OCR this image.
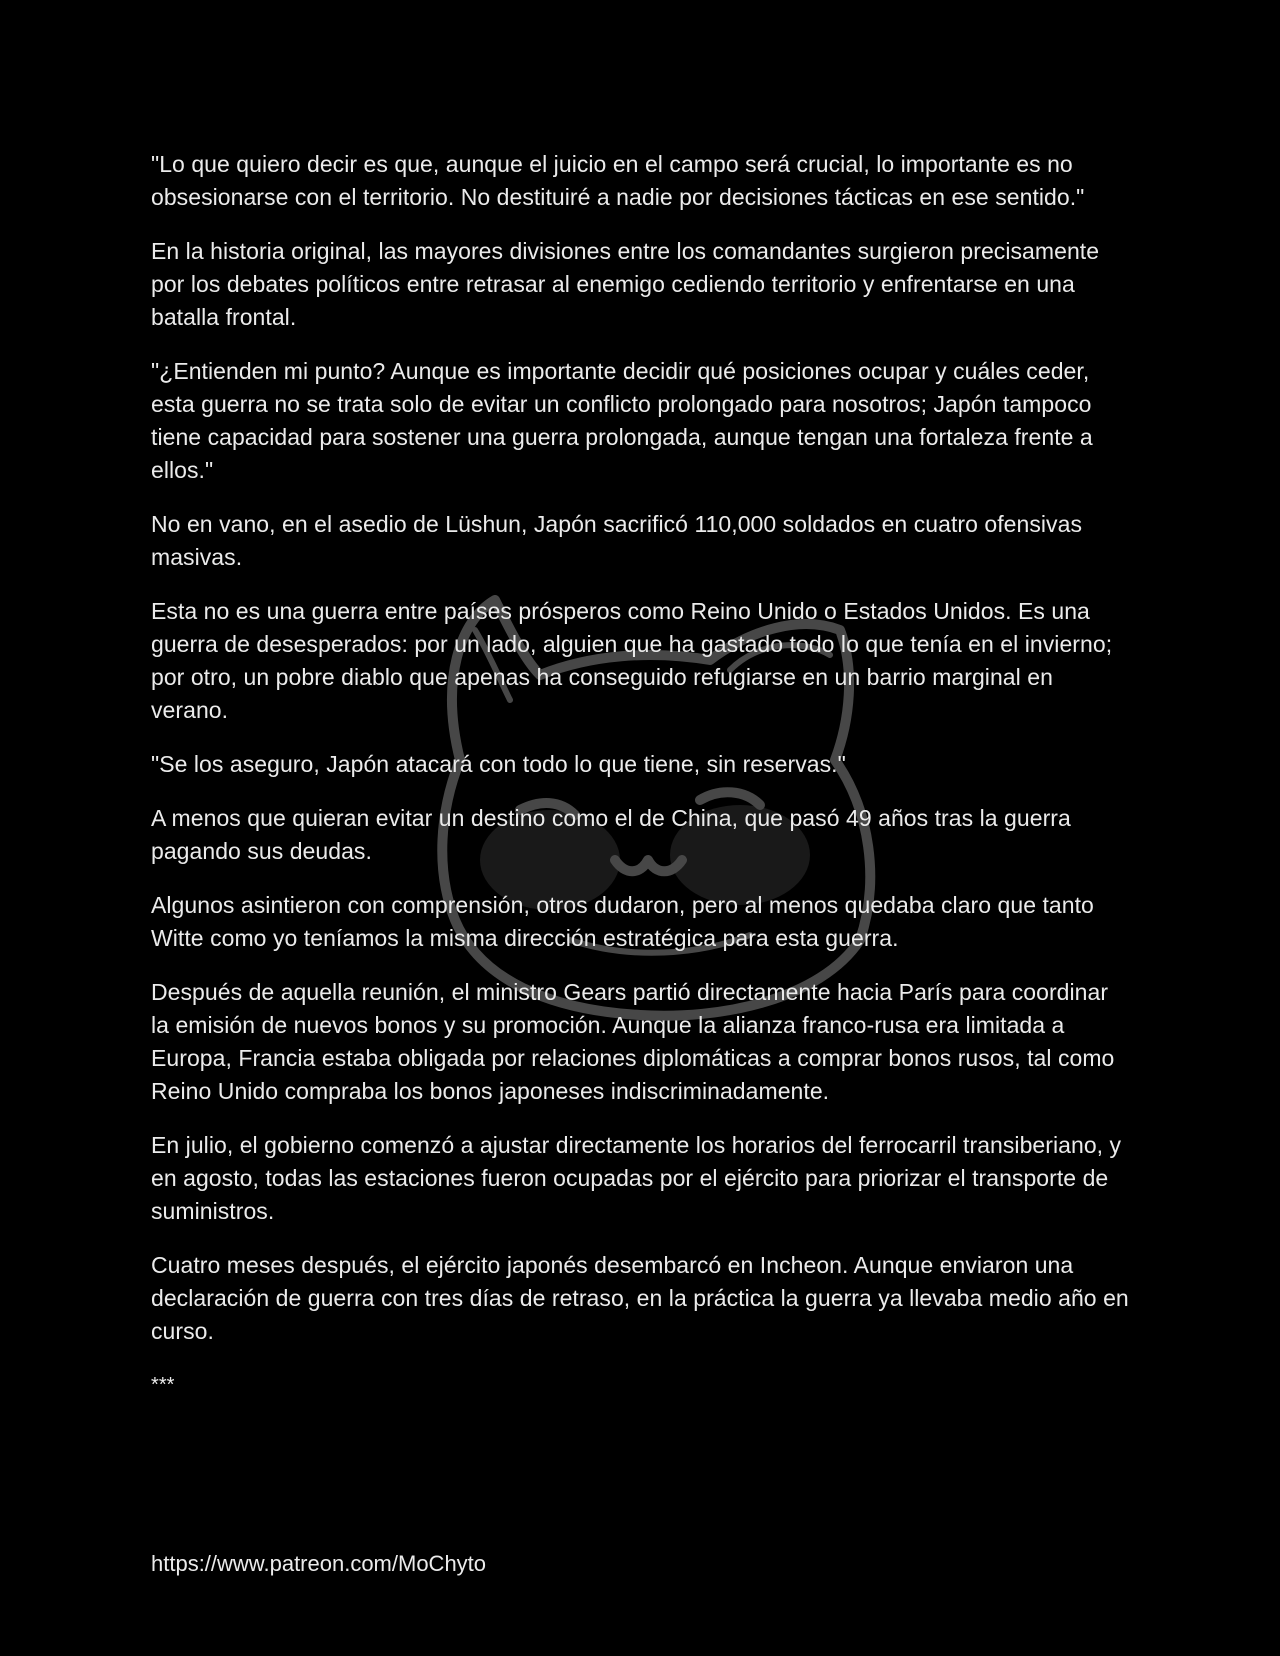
"Lo que quiero decir es que, aunque el juicio en el campo será crucial, lo importante es no obsesionarse con el territorio. No destituiré a nadie por decisiones tácticas en ese sentido."

En la historia original, las mayores divisiones entre los comandantes surgieron precisamente por los debates políticos entre retrasar al enemigo cediendo territorio y enfrentarse en una batalla frontal.

"¿Entienden mi punto? Aunque es importante decidir qué posiciones ocupar y cuáles ceder, esta guerra no se trata solo de evitar un conflicto prolongado para nosotros; Japón tampoco tiene capacidad para sostener una guerra prolongada, aunque tengan una fortaleza frente a ellos."

No en vano, en el asedio de Lüshun, Japón sacrificó 110,000 soldados en cuatro ofensivas masivas.

Esta no es una guerra entre países prósperos como Reino Unido o Estados Unidos. Es una guerra de desesperados: por un lado, alguien que ha gastado todo lo que tenía en el invierno; por otro, un pobre diablo que apenas ha conseguido refugiarse en un barrio marginal en verano.

"Se los aseguro, Japón atacará con todo lo que tiene, sin reservas."

A menos que quieran evitar un destino como el de China, que pasó 49 años tras la guerra pagando sus deudas.

Algunos asintieron con comprensión, otros dudaron, pero al menos quedaba claro que tanto Witte como yo teníamos la misma dirección estratégica para esta guerra.

Después de aquella reunión, el ministro Gears partió directamente hacia París para coordinar la emisión de nuevos bonos y su promoción. Aunque la alianza franco-rusa era limitada a Europa, Francia estaba obligada por relaciones diplomáticas a comprar bonos rusos, tal como Reino Unido compraba los bonos japoneses indiscriminadamente.

En julio, el gobierno comenzó a ajustar directamente los horarios del ferrocarril transiberiano, y en agosto, todas las estaciones fueron ocupadas por el ejército para priorizar el transporte de suministros.

Cuatro meses después, el ejército japonés desembarcó en Incheon. Aunque enviaron una declaración de guerra con tres días de retraso, en la práctica la guerra ya llevaba medio año en curso.

***

https://www.patreon.com/MoChyto
